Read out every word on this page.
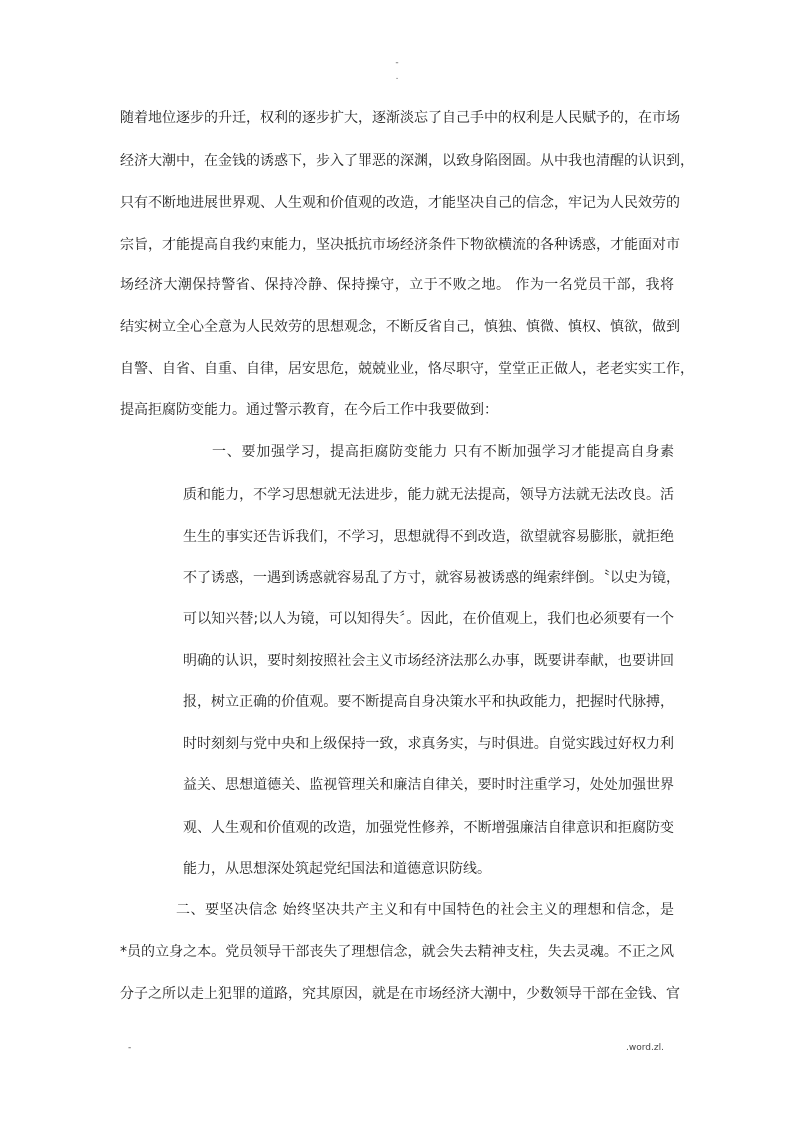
-
.
随着地位逐步的升迁，权利的逐步扩大，逐渐淡忘了自己手中的权利是人民赋予的，在市场
经济大潮中，在金钱的诱惑下，步入了罪恶的深渊，以致身陷囹圄。从中我也清醒的认识到，
只有不断地进展世界观、人生观和价值观的改造，才能坚决自己的信念，牢记为人民效劳的
宗旨，才能提高自我约束能力，坚决抵抗市场经济条件下物欲横流的各种诱惑，才能面对市
场经济大潮保持警省、保持冷静、保持操守，立于不败之地。 作为一名党员干部，我将
结实树立全心全意为人民效劳的思想观念，不断反省自己，慎独、慎微、慎权、慎欲，做到
自警、自省、自重、自律，居安思危，兢兢业业，恪尽职守，堂堂正正做人，老老实实工作，
提高拒腐防变能力。通过警示教育，在今后工作中我要做到：
一、要加强学习，提高拒腐防变能力 只有不断加强学习才能提高自身素
质和能力，不学习思想就无法进步，能力就无法提高，领导方法就无法改良。活
生生的事实还告诉我们，不学习，思想就得不到改造，欲望就容易膨胀，就拒绝
不了诱惑，一遇到诱惑就容易乱了方寸，就容易被诱惑的绳索绊倒。〝以史为镜，
可以知兴替;以人为镜，可以知得失〞。因此，在价值观上，我们也必须要有一个
明确的认识，要时刻按照社会主义市场经济法那么办事，既要讲奉献，也要讲回
报，树立正确的价值观。要不断提高自身决策水平和执政能力，把握时代脉搏，
时时刻刻与党中央和上级保持一致，求真务实，与时俱进。自觉实践过好权力利
益关、思想道德关、监视管理关和廉洁自律关，要时时注重学习，处处加强世界
观、人生观和价值观的改造，加强党性修养，不断增强廉洁自律意识和拒腐防变
能力，从思想深处筑起党纪国法和道德意识防线。
二、要坚决信念 始终坚决共产主义和有中国特色的社会主义的理想和信念，是
*员的立身之本。党员领导干部丧失了理想信念，就会失去精神支柱，失去灵魂。不正之风
分子之所以走上犯罪的道路，究其原因，就是在市场经济大潮中，少数领导干部在金钱、官
-	.word.zl.
